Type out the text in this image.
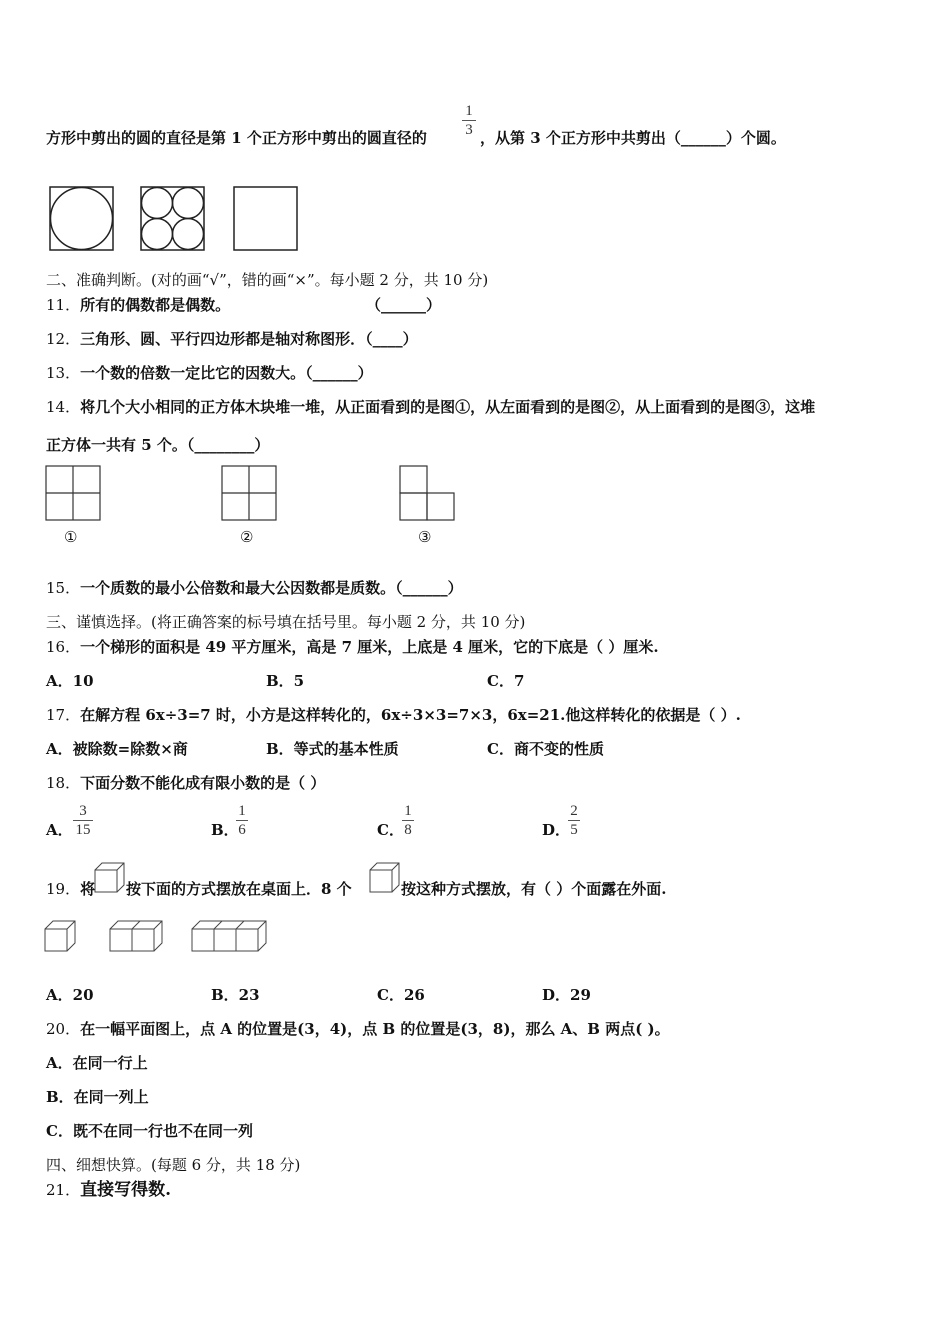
方形中剪出的圆的直径是第 1 个正方形中剪出的圆直径的
1
3 ，从第 3 个正方形中共剪出（______）个圆。
二、准确判断。(对的画“√”，错的画“×”。每小题 2 分，共 10 分)
11．所有的偶数都是偶数。	（______）
12．三角形、圆、平行四边形都是轴对称图形．（____）
13．一个数的倍数一定比它的因数大。（______）
14．将几个大小相同的正方体木块堆一堆，从正面看到的是图①，从左面看到的是图②，从上面看到的是图③，这堆
正方体一共有 5 个。（________）
①	②	③
15．一个质数的最小公倍数和最大公因数都是质数。（______）
三、谨慎选择。(将正确答案的标号填在括号里。每小题 2 分，共 10 分)
16．一个梯形的面积是 49 平方厘米，高是 7 厘米，上底是 4 厘米，它的下底是（ ）厘米.
A．10	B．5	C．7
17．在解方程 6x÷3=7 时，小方是这样转化的，6x÷3×3=7×3，6x=21.他这样转化的依据是（ ）.
A．被除数=除数×商	B．等式的基本性质	C．商不变的性质
18．下面分数不能化成有限小数的是（ ）
A．
3
15	B．
1
6	C．
1
8	D．
2
5
19．将 按下面的方式摆放在桌面上．8 个	按这种方式摆放，有（ ）个面露在外面.
A．20	B．23	C．26	D．29
20．在一幅平面图上，点 A 的位置是(3，4)，点 B 的位置是(3，8)，那么 A、B 两点( )。
A．在同一行上
B．在同一列上
C．既不在同一行也不在同一列
四、细想快算。(每题 6 分，共 18 分)
21．直接写得数.
